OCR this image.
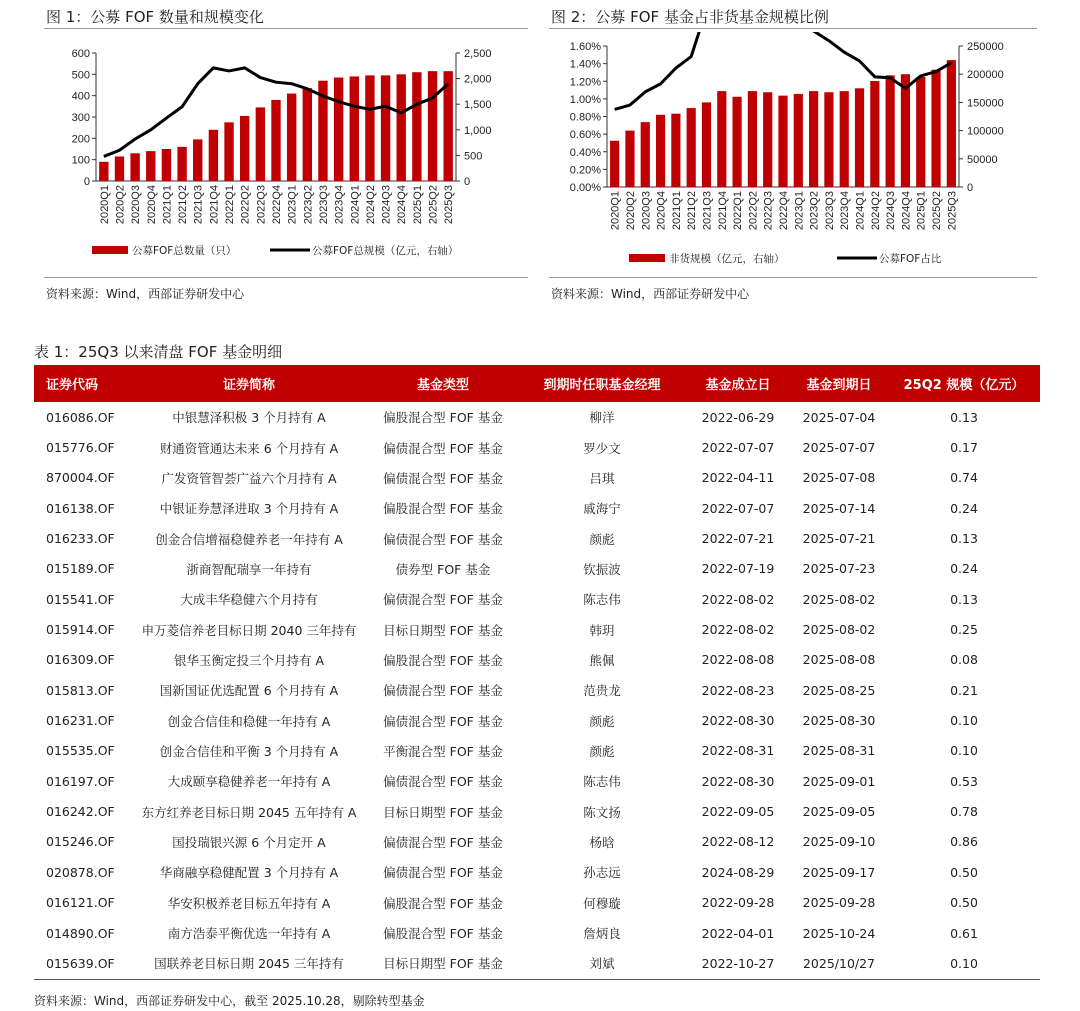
图 1：公募 FOF 数量和规模变化
0
100
200
300
400
500
600
0
500
1,000
1,500
2,000
2,500
2020Q1 2020Q2 2020Q3 2020Q4 2021Q1 2021Q2 2021Q3 2021Q4 2022Q1 2022Q2 2022Q3 2022Q4 2023Q1 2023Q2 2023Q3 2023Q4 2024Q1 2024Q2 2024Q3 2024Q4 2025Q1 2025Q2 2025Q3
公募FOF总数量（只）	公募FOF总规模（亿元，右轴）
资料来源：Wind，西部证券研发中心
图 2：公募 FOF 基金占非货基金规模比例
0.00%
0.20%
0.40%
0.60%
0.80%
1.00%
1.20%
1.40%
1.60%
0
50000
100000
150000
200000
250000
2020Q1 2020Q2 2020Q3 2020Q4 2021Q1 2021Q2 2021Q3 2021Q4 2022Q1 2022Q2 2022Q3 2022Q4 2023Q1 2023Q2 2023Q3 2023Q4 2024Q1 2024Q2 2024Q3 2024Q4 2025Q1 2025Q2 2025Q3
非货规模（亿元，右轴）	公募FOF占比
资料来源：Wind，西部证券研发中心
表 1：25Q3 以来清盘 FOF 基金明细
证券代码	证券简称	基金类型	到期时任职基金经理	基金成立日	基金到期日	25Q2 规模（亿元）
016086.OF	中银慧泽积极 3 个月持有 A	偏股混合型 FOF 基金	柳洋	2022-06-29	2025-07-04	0.13
015776.OF	财通资管通达未来 6 个月持有 A	偏债混合型 FOF 基金	罗少文	2022-07-07	2025-07-07	0.17
870004.OF	广发资管智荟广益六个月持有 A	偏债混合型 FOF 基金	吕琪	2022-04-11	2025-07-08	0.74
016138.OF	中银证券慧泽进取 3 个月持有 A	偏股混合型 FOF 基金	戚海宁	2022-07-07	2025-07-14	0.24
016233.OF	创金合信增福稳健养老一年持有 A	偏债混合型 FOF 基金	颜彪	2022-07-21	2025-07-21	0.13
015189.OF	浙商智配瑞享一年持有	债券型 FOF 基金	钦振波	2022-07-19	2025-07-23	0.24
015541.OF	大成丰华稳健六个月持有	偏债混合型 FOF 基金	陈志伟	2022-08-02	2025-08-02	0.13
015914.OF	申万菱信养老目标日期 2040 三年持有	目标日期型 FOF 基金	韩玥	2022-08-02	2025-08-02	0.25
016309.OF	银华玉衡定投三个月持有 A	偏股混合型 FOF 基金	熊佩	2022-08-08	2025-08-08	0.08
015813.OF	国新国证优选配置 6 个月持有 A	偏债混合型 FOF 基金	范贵龙	2022-08-23	2025-08-25	0.21
016231.OF	创金合信佳和稳健一年持有 A	偏债混合型 FOF 基金	颜彪	2022-08-30	2025-08-30	0.10
015535.OF	创金合信佳和平衡 3 个月持有 A	平衡混合型 FOF 基金	颜彪	2022-08-31	2025-08-31	0.10
016197.OF	大成颐享稳健养老一年持有 A	偏债混合型 FOF 基金	陈志伟	2022-08-30	2025-09-01	0.53
016242.OF	东方红养老目标日期 2045 五年持有 A	目标日期型 FOF 基金	陈文扬	2022-09-05	2025-09-05	0.78
015246.OF	国投瑞银兴源 6 个月定开 A	偏债混合型 FOF 基金	杨晗	2022-08-12	2025-09-10	0.86
020878.OF	华商融享稳健配置 3 个月持有 A	偏债混合型 FOF 基金	孙志远	2024-08-29	2025-09-17	0.50
016121.OF	华安积极养老目标五年持有 A	偏股混合型 FOF 基金	何穆璇	2022-09-28	2025-09-28	0.50
014890.OF	南方浩泰平衡优选一年持有 A	偏股混合型 FOF 基金	詹炳良	2022-04-01	2025-10-24	0.61
015639.OF	国联养老目标日期 2045 三年持有	目标日期型 FOF 基金	刘斌	2022-10-27	2025/10/27	0.10
资料来源：Wind，西部证券研发中心，截至 2025.10.28，剔除转型基金
